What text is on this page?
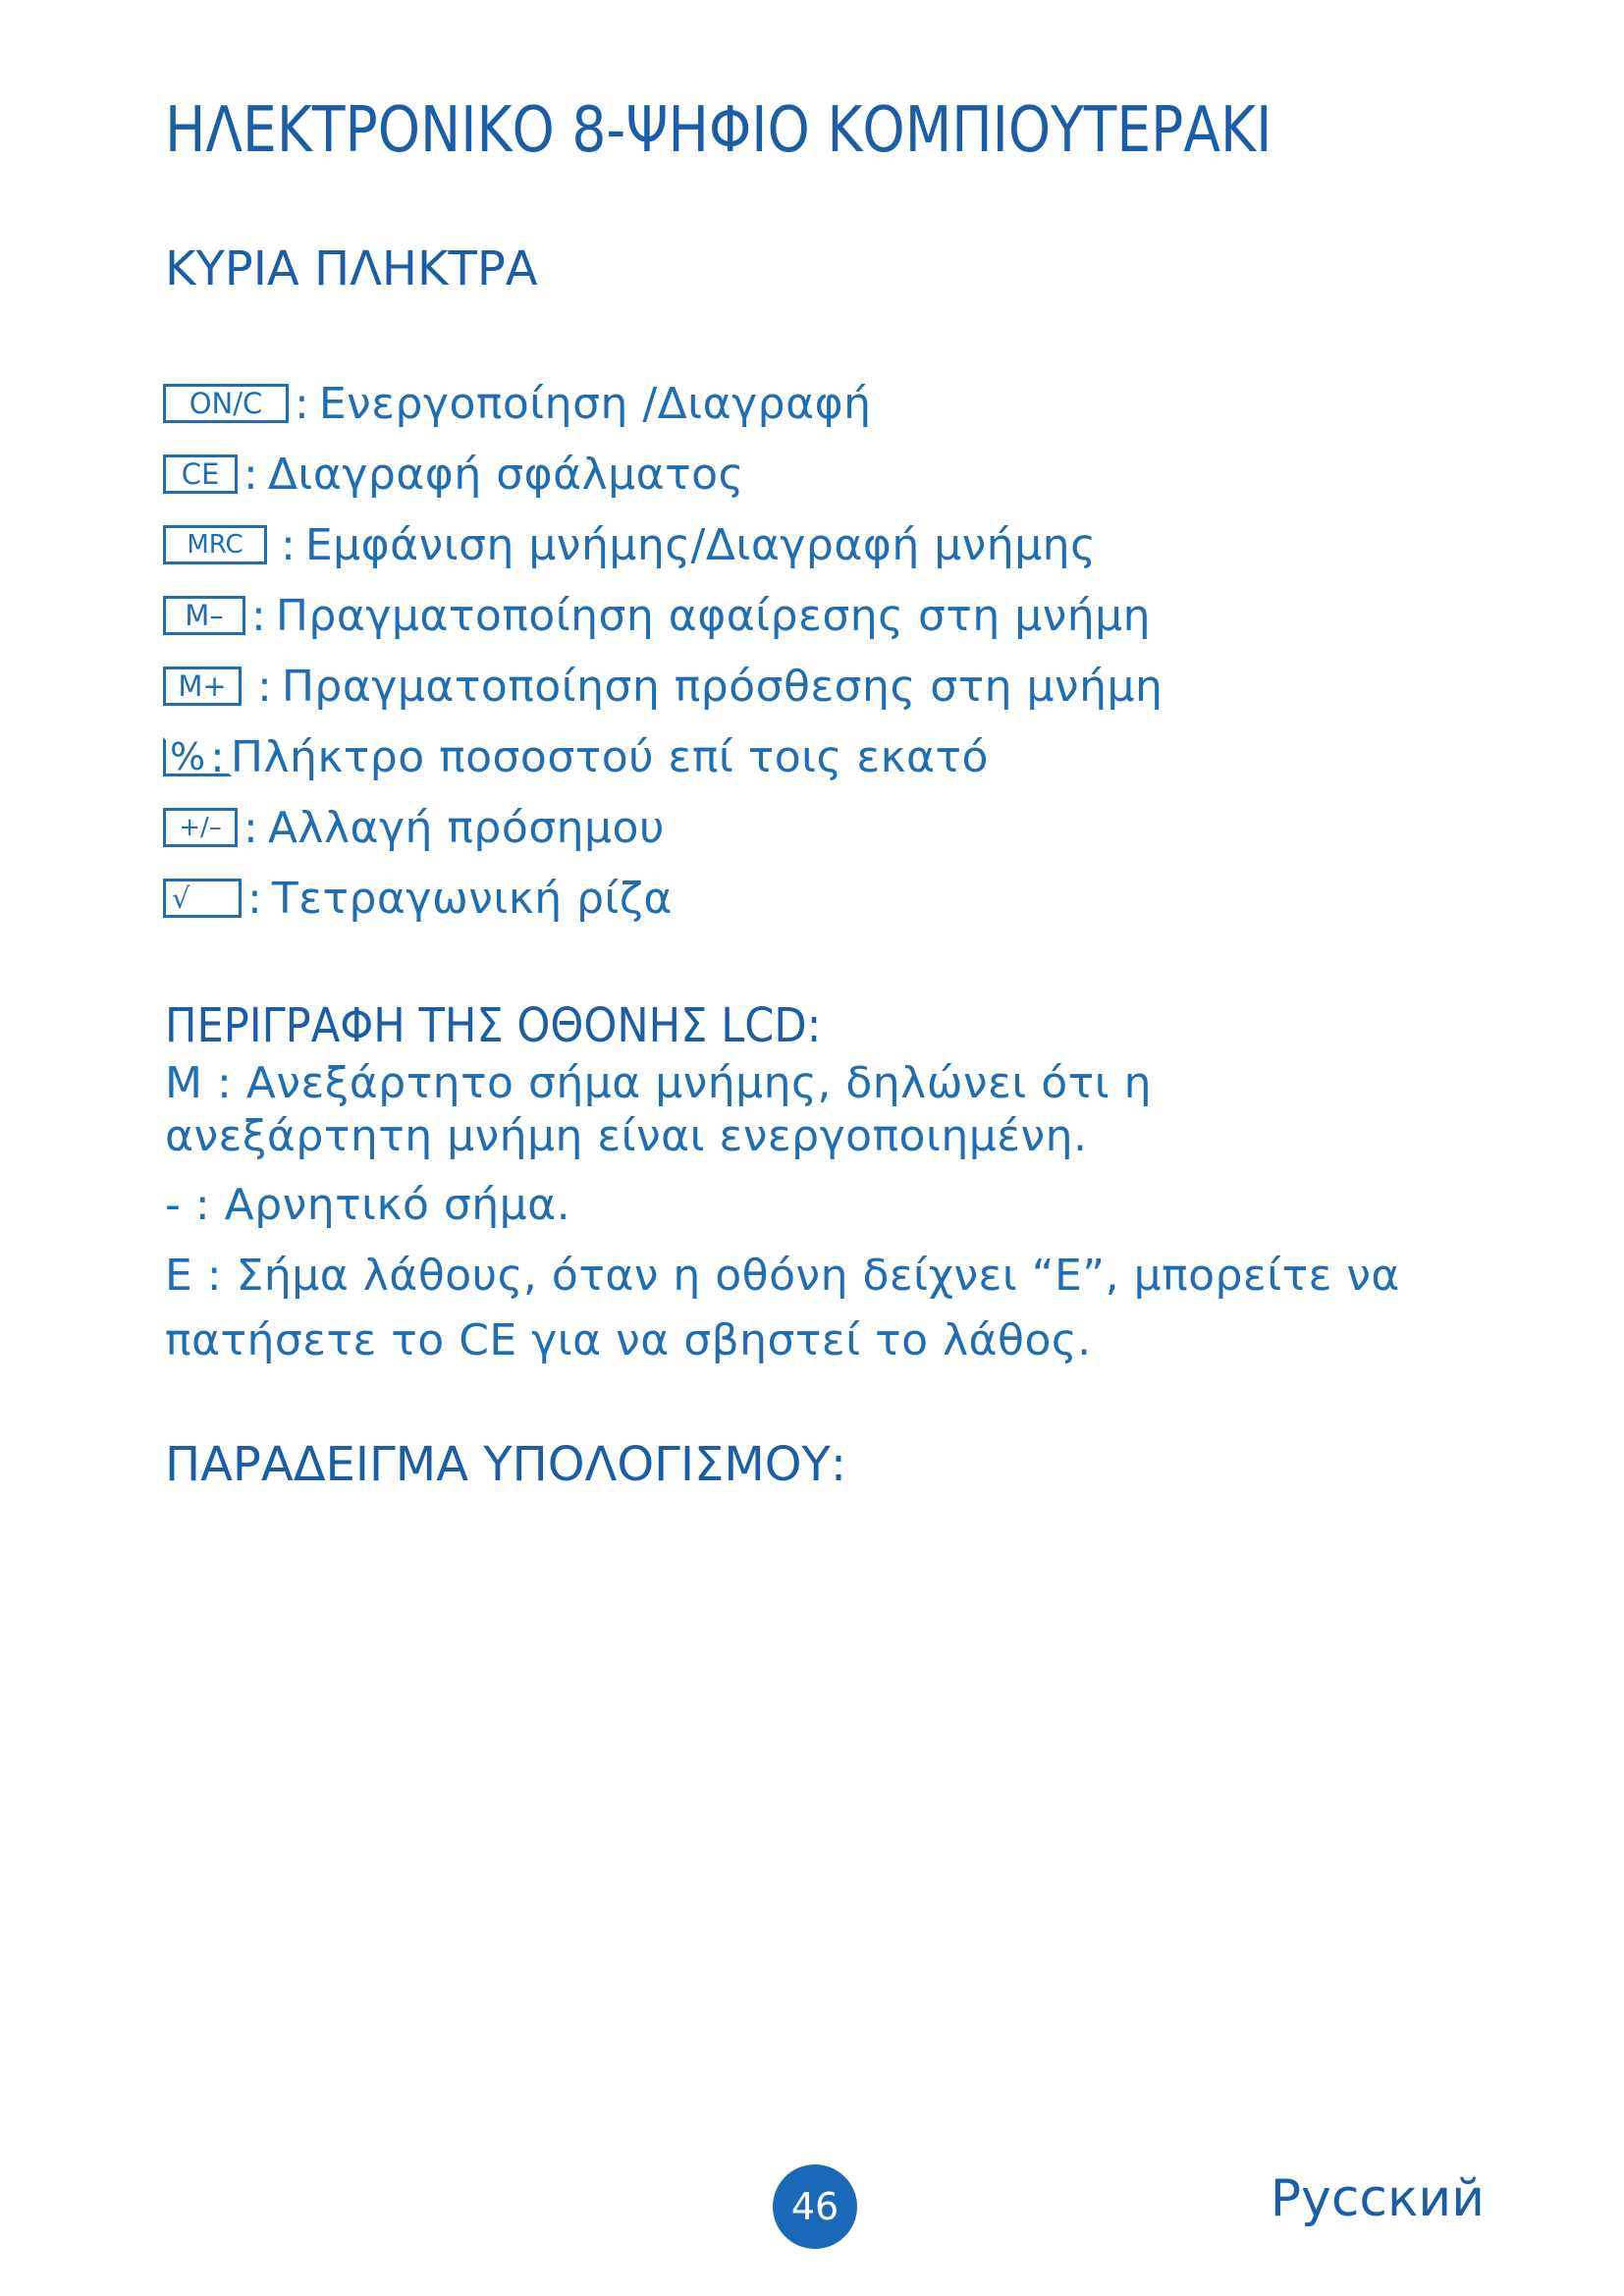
ΗΛΕΚΤΡΟΝΙΚΟ 8-ΨΗΦΙΟ ΚΟΜΠΙΟΥΤΕΡΑΚΙ
ΚΥΡΙΑ ΠΛΗΚΤΡΑ
ON/C : Ενεργοποίηση /Διαγραφή
CE : Διαγραφή σφάλματος
MRC : Εμφάνιση μνήμης/Διαγραφή μνήμης
M– : Πραγματοποίηση αφαίρεσης στη μνήμη
M+ : Πραγματοποίηση πρόσθεσης στη μνήμη
% : Πλήκτρο ποσοστού επί τοις εκατό
+/– : Αλλαγή πρόσημου
√ : Τετραγωνική ρίζα
ΠΕΡΙΓΡΑΦΗ ΤΗΣ ΟΘΟΝΗΣ LCD:

M : Ανεξάρτητο σήμα μνήμης, δηλώνει ότι η
ανεξάρτητη μνήμη είναι ενεργοποιημένη.

- : Αρνητικό σήμα.

E : Σήμα λάθους, όταν η οθόνη δείχνει “E”, μπορείτε να
πατήσετε το CE για να σβηστεί το λάθος.

ΠΑΡΑΔΕΙΓΜΑ ΥΠΟΛΟΓΙΣΜΟΥ:
46	Русский
